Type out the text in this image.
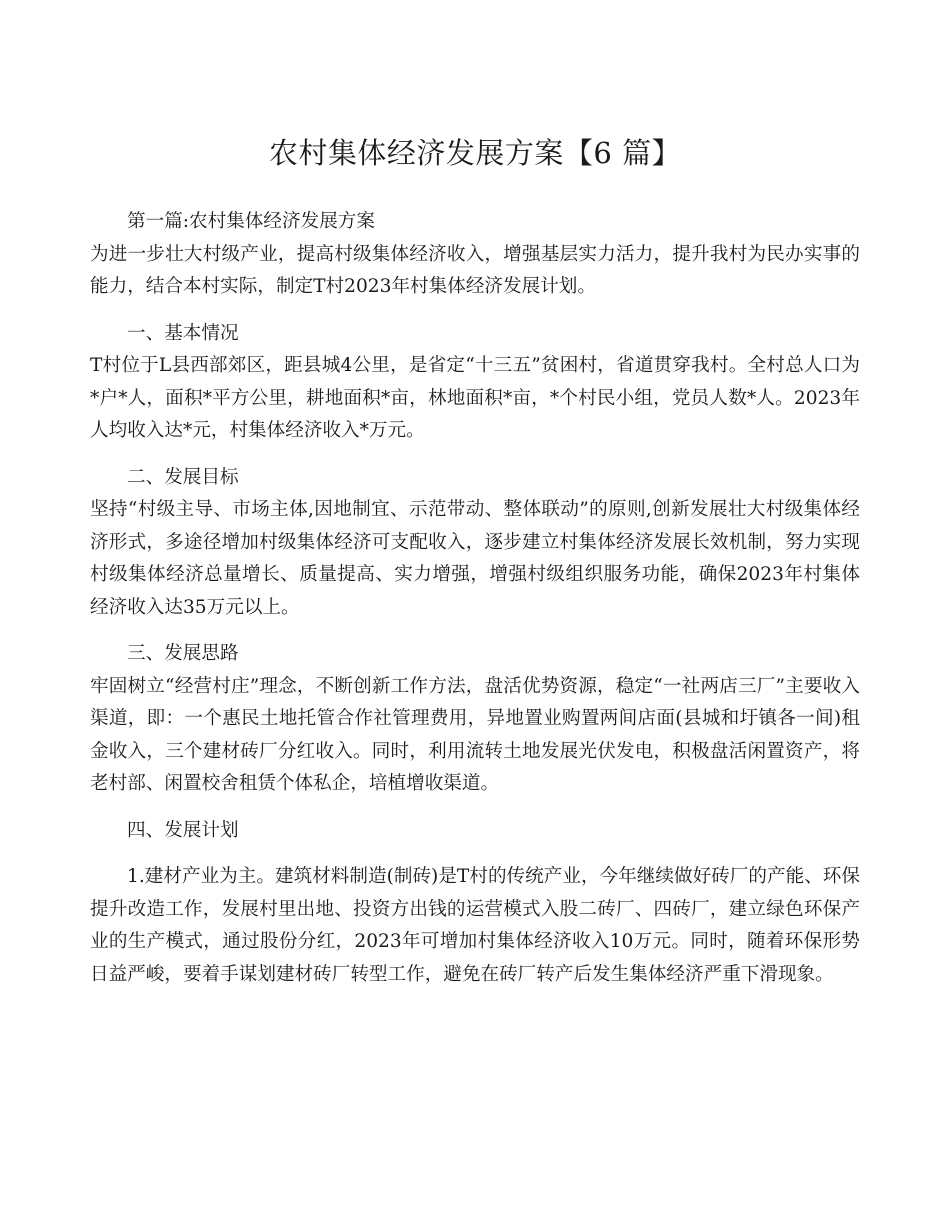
农村集体经济发展方案【6 篇】

第一篇:农村集体经济发展方案

为进一步壮大村级产业，提高村级集体经济收入，增强基层实力活力，提升我村为民办实事的能力，结合本村实际，制定T村2023年村集体经济发展计划。

一、基本情况

T村位于L县西部郊区，距县城4公里，是省定“十三五”贫困村，省道贯穿我村。全村总人口为*户*人，面积*平方公里，耕地面积*亩，林地面积*亩，*个村民小组，党员人数*人。2023年人均收入达*元，村集体经济收入*万元。

二、发展目标

坚持“村级主导、市场主体,因地制宜、示范带动、整体联动”的原则,创新发展壮大村级集体经济形式，多途径增加村级集体经济可支配收入，逐步建立村集体经济发展长效机制，努力实现村级集体经济总量增长、质量提高、实力增强，增强村级组织服务功能，确保2023年村集体经济收入达35万元以上。

三、发展思路

牢固树立“经营村庄”理念，不断创新工作方法，盘活优势资源，稳定“一社两店三厂”主要收入渠道，即：一个惠民土地托管合作社管理费用，异地置业购置两间店面(县城和圩镇各一间)租金收入，三个建材砖厂分红收入。同时，利用流转土地发展光伏发电，积极盘活闲置资产，将老村部、闲置校舍租赁个体私企，培植增收渠道。

四、发展计划

1.建材产业为主。建筑材料制造(制砖)是T村的传统产业，今年继续做好砖厂的产能、环保提升改造工作，发展村里出地、投资方出钱的运营模式入股二砖厂、四砖厂，建立绿色环保产业的生产模式，通过股份分红，2023年可增加村集体经济收入10万元。同时，随着环保形势日益严峻，要着手谋划建材砖厂转型工作，避免在砖厂转产后发生集体经济严重下滑现象。
